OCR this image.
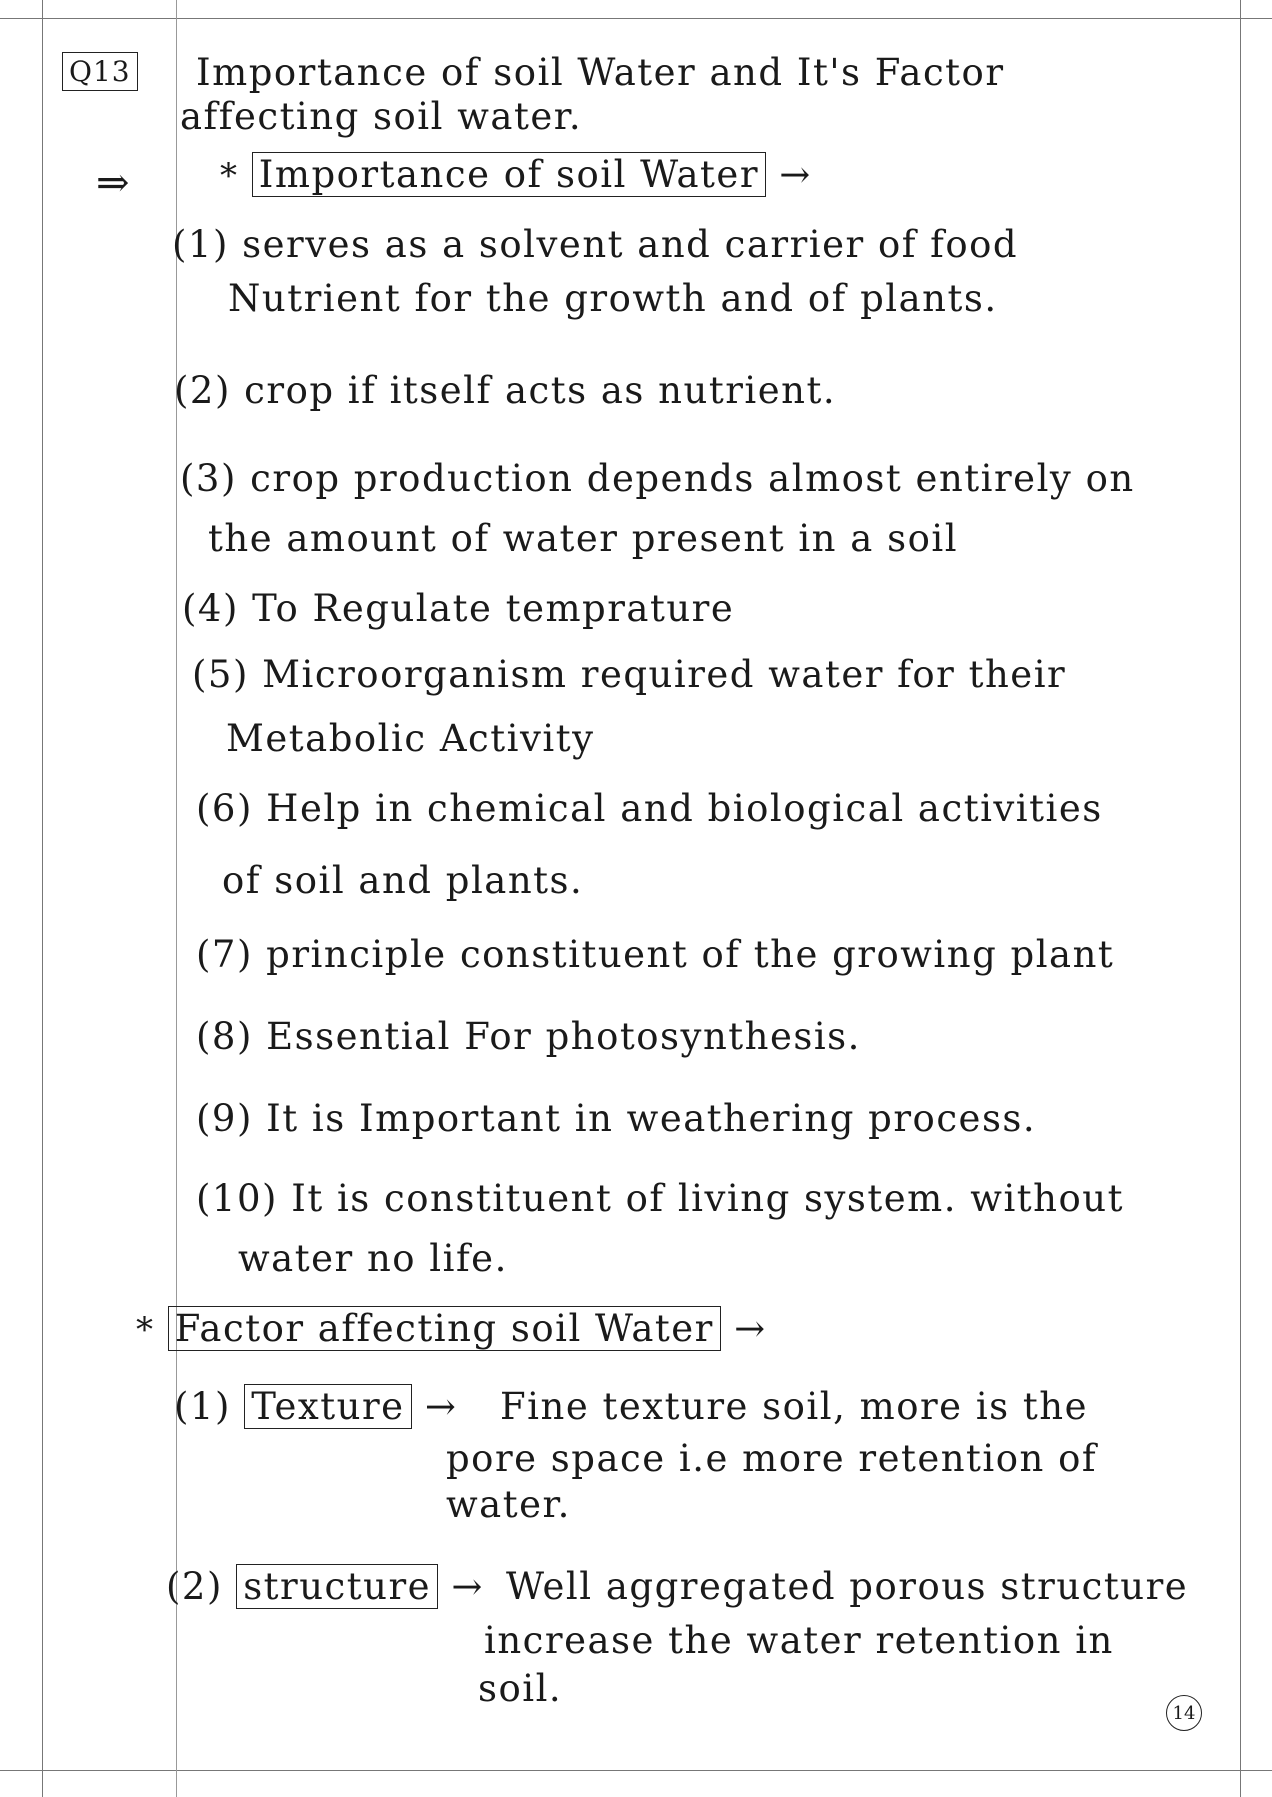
Q13 Importance of soil Water and It's Factor
affecting soil water.
⇒	* Importance of soil Water →
(1) serves as a solvent and carrier of food
Nutrient for the growth and of plants.
(2) crop if itself acts as nutrient.
(3) crop production depends almost entirely on
the amount of water present in a soil
(4) To Regulate temprature
(5) Microorganism required water for their
Metabolic Activity
(6) Help in chemical and biological activities
of soil and plants.
(7) principle constituent of the growing plant
(8) Essential For photosynthesis.
(9) It is Important in weathering process.
(10) It is constituent of living system. without
water no life.
* Factor affecting soil Water →
(1) Texture → Fine texture soil, more is the
pore space i.e more retention of
water.
(2) structure → Well aggregated porous structure
increase the water retention in
soil.
14
